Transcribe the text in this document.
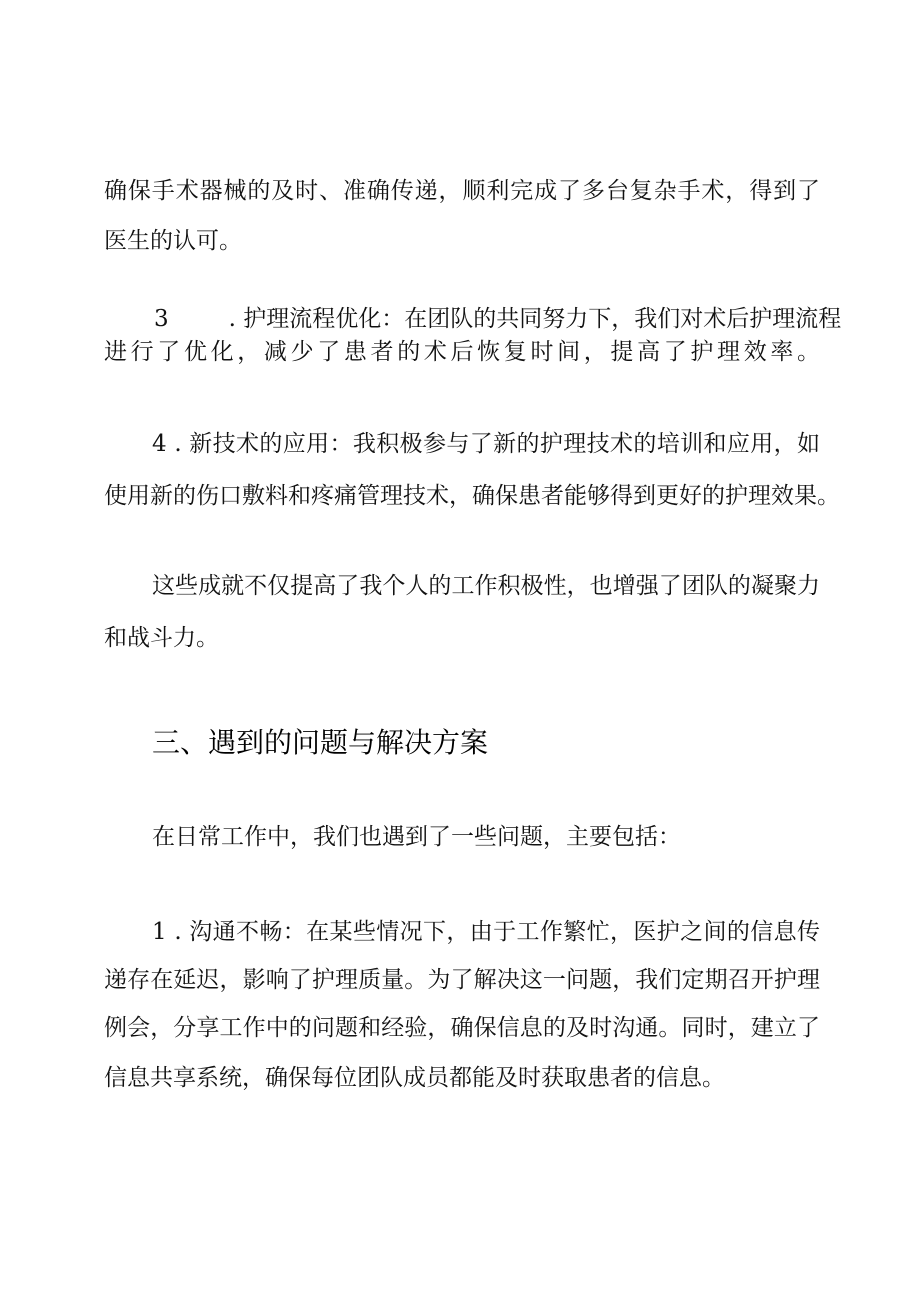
确保手术器械的及时、准确传递，顺利完成了多台复杂手术，得到了
医生的认可。
3	. 护理流程优化：在团队的共同努力下，我们对术后护理流程
进行了优化，减少了患者的术后恢复时间，提高了护理效率。
4 . 新技术的应用：我积极参与了新的护理技术的培训和应用，如
使用新的伤口敷料和疼痛管理技术，确保患者能够得到更好的护理效果。
这些成就不仅提高了我个人的工作积极性，也增强了团队的凝聚力
和战斗力。
三、遇到的问题与解决方案
在日常工作中，我们也遇到了一些问题，主要包括：
1 . 沟通不畅：在某些情况下，由于工作繁忙，医护之间的信息传
递存在延迟，影响了护理质量。为了解决这一问题，我们定期召开护理
例会，分享工作中的问题和经验，确保信息的及时沟通。同时，建立了
信息共享系统，确保每位团队成员都能及时获取患者的信息。
